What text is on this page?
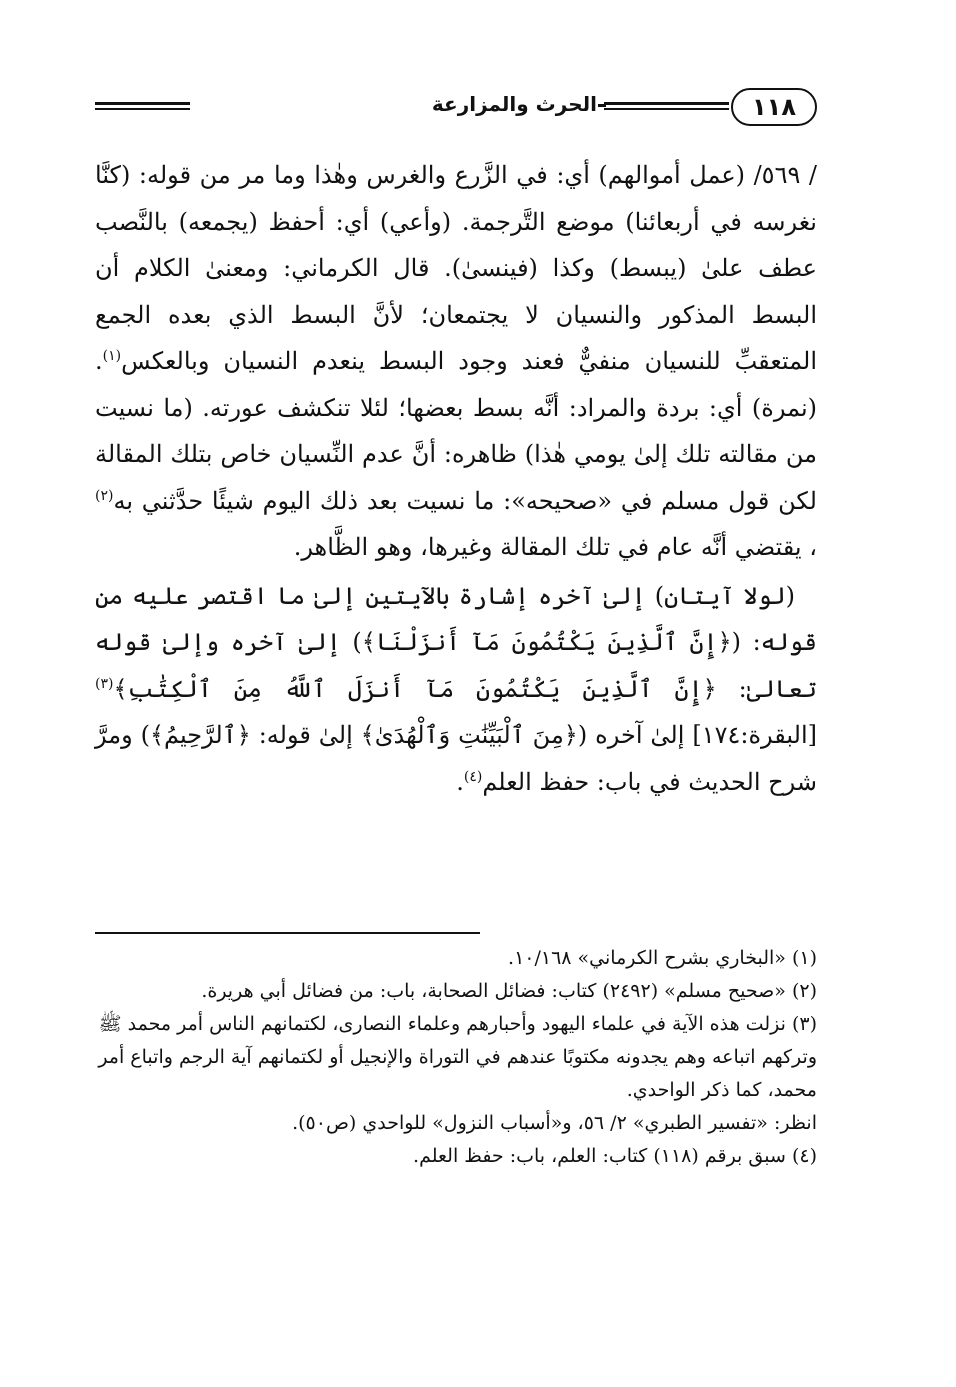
١١٨
الحرث والمزارعة

/ ٥٦٩/ (عمل أموالهم) أي: في الزَّرع والغرس وهٰذا وما مر من قوله: (كنَّا نغرسه في أربعائنا) موضع التَّرجمة. (وأعي) أي: أحفظ (يجمعه) بالنَّصب عطف علىٰ (يبسط) وكذا (فينسىٰ). قال الكرماني: ومعنىٰ الكلام أن البسط المذكور والنسيان لا يجتمعان؛ لأنَّ البسط الذي بعده الجمع المتعقبِّ للنسيان منفيٌّ فعند وجود البسط ينعدم النسيان وبالعكس$^{(١)}$. (نمرة) أي: بردة والمراد: أنَّه بسط بعضها؛ لئلا تنكشف عورته. (ما نسيت من مقالته تلك إلىٰ يومي هٰذا) ظاهره: أنَّ عدم النِّسيان خاص بتلك المقالة لكن قول مسلم في «صحيحه»: ما نسيت بعد ذلك اليوم شيئًا حدَّثني به$^{(٢)}$ ، يقتضي أنَّه عام في تلك المقالة وغيرها، وهو الظَّاهر.

(لولا آيتان) إلىٰ آخره إشارة بالآيتين إلىٰ ما اقتصر عليه من قوله: (﴿إِنَّ ٱلَّذِينَ يَكْتُمُونَ مَآ أَنزَلْنَا﴾) إلىٰ آخره وإلىٰ قوله تعالىٰ: ﴿إِنَّ ٱلَّذِينَ يَكْتُمُونَ مَآ أَنزَلَ ٱللَّهُ مِنَ ٱلْكِتَٰبِ﴾$^{(٣)}$ [البقرة:١٧٤] إلىٰ آخره (﴿مِنَ ٱلْبَيِّنَٰتِ وَٱلْهُدَىٰ﴾ إلىٰ قوله: ﴿ٱلرَّحِيمُ﴾) ومرَّ شرح الحديث في باب: حفظ العلم$^{(٤)}$.

(١) «البخاري بشرح الكرماني» ١٠/١٦٨.

(٢) «صحيح مسلم» (٢٤٩٢) كتاب: فضائل الصحابة، باب: من فضائل أبي هريرة.

(٣) نزلت هذه الآية في علماء اليهود وأحبارهم وعلماء النصارى، لكتمانهم الناس أمر محمد ﷺ وتركهم اتباعه وهم يجدونه مكتوبًا عندهم في التوراة والإنجيل أو لكتمانهم آية الرجم واتباع أمر محمد، كما ذكر الواحدي.

انظر: «تفسير الطبري» ٢/ ٥٦، و«أسباب النزول» للواحدي (ص٥٠).

(٤) سبق برقم (١١٨) كتاب: العلم، باب: حفظ العلم.
